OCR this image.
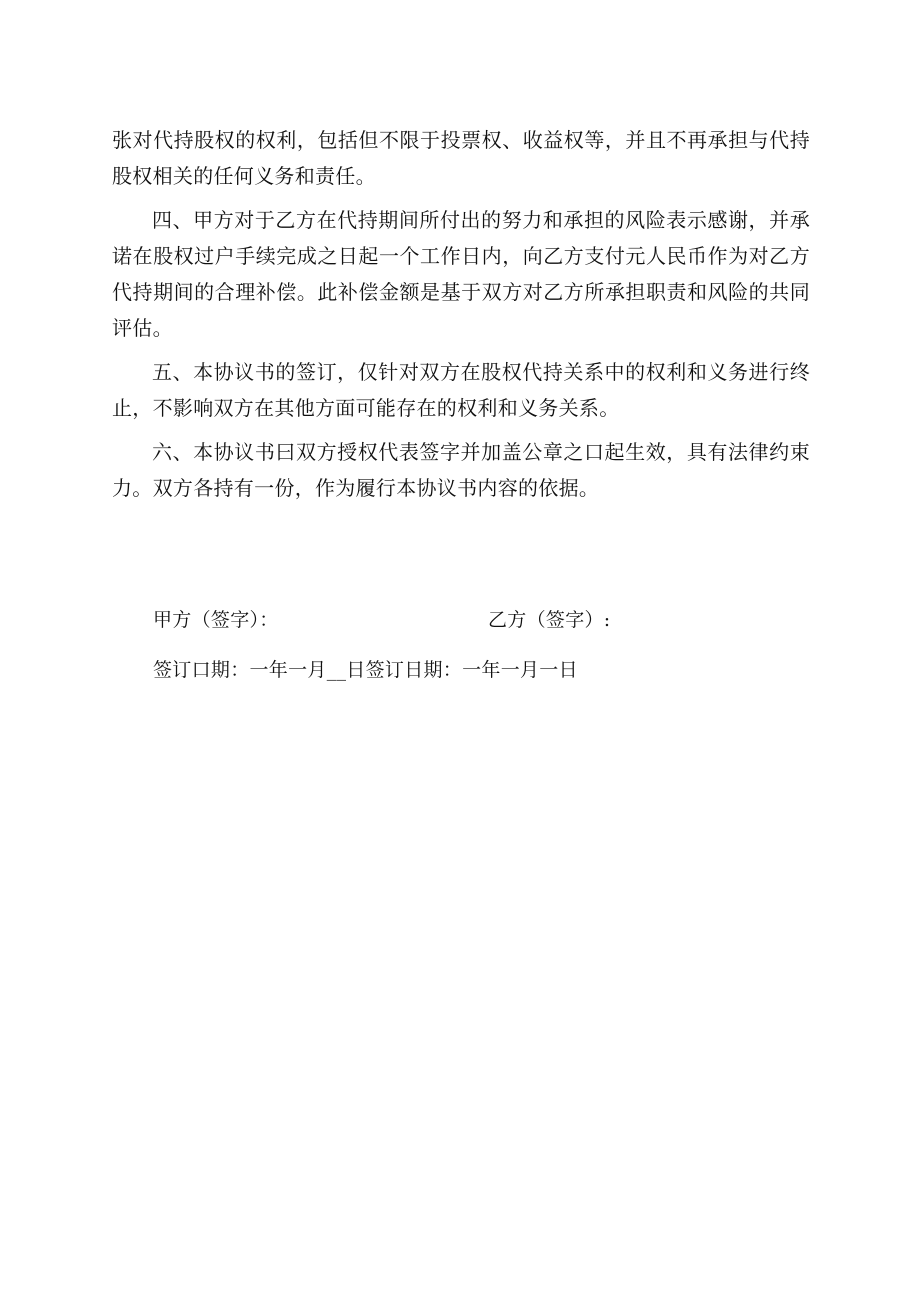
张对代持股权的权利，包括但不限于投票权、收益权等，并且不再承担与代持股权相关的任何义务和责任。

四、甲方对于乙方在代持期间所付出的努力和承担的风险表示感谢，并承诺在股权过户手续完成之日起一个工作日内，向乙方支付元人民币作为对乙方代持期间的合理补偿。此补偿金额是基于双方对乙方所承担职责和风险的共同评估。

五、本协议书的签订，仅针对双方在股权代持关系中的权利和义务进行终止，不影响双方在其他方面可能存在的权利和义务关系。

六、本协议书曰双方授权代表签字并加盖公章之口起生效，具有法律约束力。双方各持有一份，作为履行本协议书内容的依据。

甲方（签字）：	乙方（签字）:
签订口期：一年一月__日签订日期：一年一月一日
